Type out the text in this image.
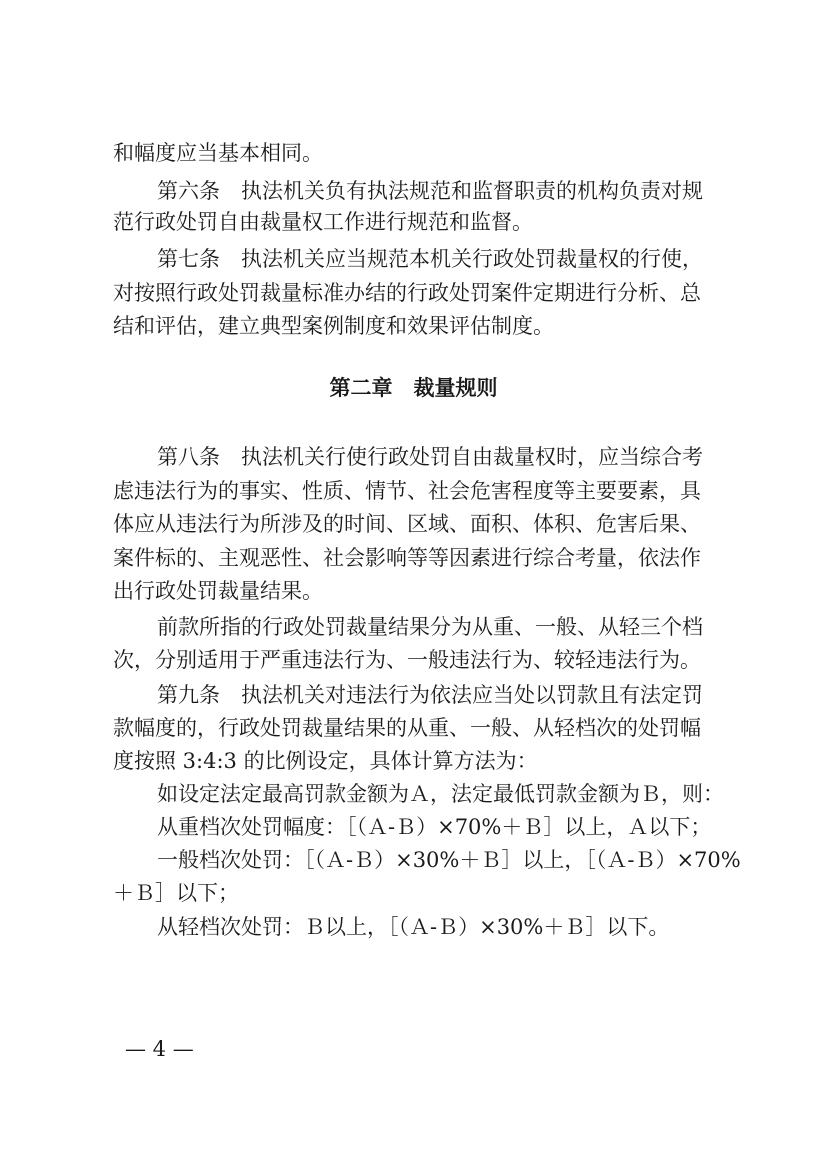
和幅度应当基本相同。
第六条　执法机关负有执法规范和监督职责的机构负责对规
范行政处罚自由裁量权工作进行规范和监督。
第七条　执法机关应当规范本机关行政处罚裁量权的行使，
对按照行政处罚裁量标准办结的行政处罚案件定期进行分析、总
结和评估，建立典型案例制度和效果评估制度。
第二章　裁量规则
第八条　执法机关行使行政处罚自由裁量权时，应当综合考
虑违法行为的事实、性质、情节、社会危害程度等主要要素，具
体应从违法行为所涉及的时间、区域、面积、体积、危害后果、
案件标的、主观恶性、社会影响等等因素进行综合考量，依法作
出行政处罚裁量结果。
前款所指的行政处罚裁量结果分为从重、一般、从轻三个档
次，分别适用于严重违法行为、一般违法行为、较轻违法行为。
第九条　执法机关对违法行为依法应当处以罚款且有法定罚
款幅度的，行政处罚裁量结果的从重、一般、从轻档次的处罚幅
度按照 3:4:3 的比例设定，具体计算方法为：
如设定法定最高罚款金额为Ａ，法定最低罚款金额为Ｂ，则：
从重档次处罚幅度：［（Ａ-Ｂ）×70%＋Ｂ］以上，Ａ以下；
一般档次处罚：［（Ａ-Ｂ）×30%＋Ｂ］以上，［（Ａ-Ｂ）×70%
＋Ｂ］以下；
从轻档次处罚：Ｂ以上，［（Ａ-Ｂ）×30%＋Ｂ］以下。
— 4 —
